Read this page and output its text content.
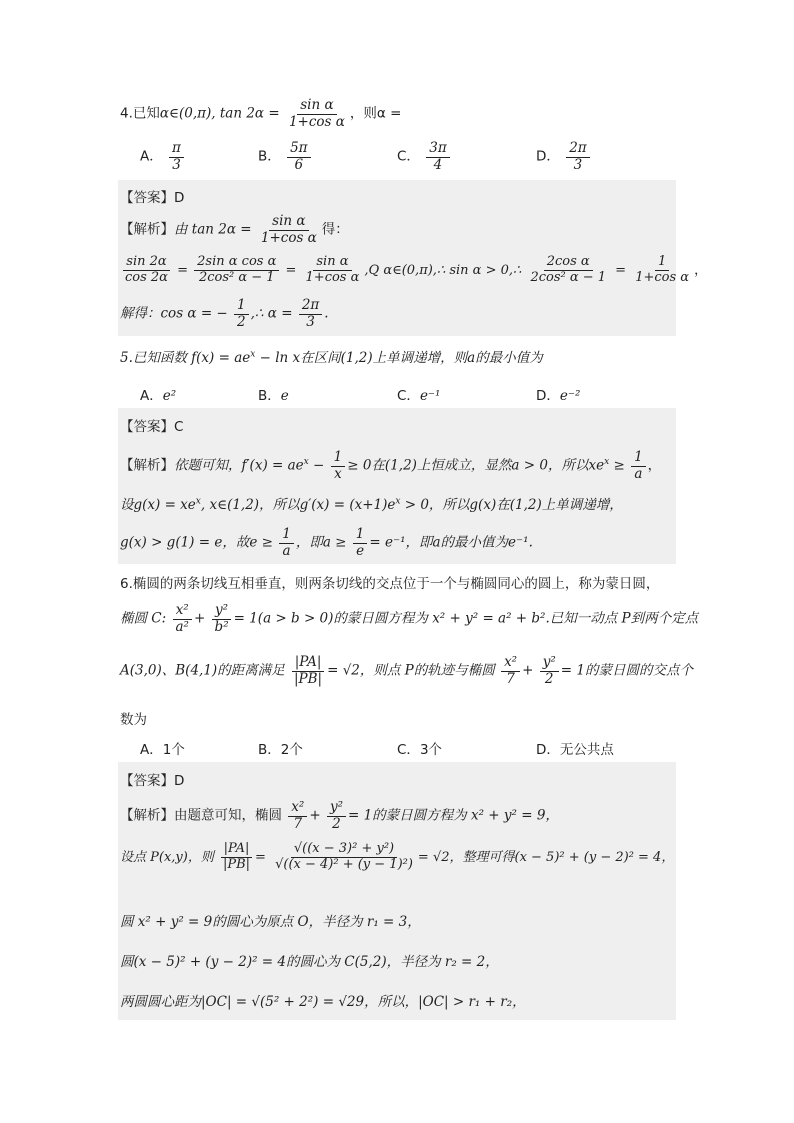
4.已知α∈(0,π), $\tan 2\alpha = \frac{\text{sin α}}{\text{1+cos α}}$ ，则α =
A． $\frac{\pi}{3}$	B． $\frac{5\pi}{6}$	C． $\frac{3\pi}{4}$	D． $\frac{2\pi}{3}$
【答案】D
【解析】由 $\tan 2\alpha = \frac{\text{sin α}}{\text{1+cos α}}$ 得：
$\frac{\sin 2\alpha}{\cos 2\alpha} = \frac{\text{2sin α cos α}}{\text{2cos² α − 1}} = \frac{\text{sin α}}{\text{1+cos α}} ,Q$ α∈(0,π),∴ sin α > 0,∴ $\frac{\text{2cos α}}{\text{2cos² α − 1}} = \frac{1}{\text{1+cos α}}$ ，
解得：cos α = − $\frac{1}{2}$ ,∴ $\alpha = \frac{2\pi}{3}$ .
5.已知函数 $f(x) = ae^x - \ln x$在区间(1,2)上单调递增，则a的最小值为
A．e²	B．e	C．e⁻¹	D．e⁻²
【答案】C
【解析】依题可知，$f'(x) = ae^x - \frac{1}{x} \ge 0$在(1,2)上恒成立，显然a > 0，所以$xe^x \ge \frac{1}{a}$ ，
设$g(x) = xe^x$, x∈(1,2)，所以$g'(x) = (x+1)e^x > 0$，所以g(x)在(1,2)上单调递增，
g(x) > g(1) = e，故$e \ge \frac{1}{a}$ ，即$a \ge \frac{1}{e} = e^{-1}$，即a的最小值为e⁻¹.
6.椭圆的两条切线互相垂直，则两条切线的交点位于一个与椭圆同心的圆上，称为蒙日圆，
椭圆 C: $\frac{\text{x²}}{\text{a²}} + \frac{\text{y²}}{\text{b²}} = 1(a > b > 0)$的蒙日圆方程为 x² + y² = a² + b².已知一动点 P到两个定点
A(3,0)、B(4,1)的距离满足 $\frac{|PA|}{|PB|} = √2$，则点 P的轨迹与椭圆 $\frac{\text{x²}}{7} + \frac{\text{y²}}{2} = 1$的蒙日圆的交点个
数为
A．1个	B．2个	C．3个	D．无公共点
【答案】D
【解析】由题意可知，椭圆 $\frac{\text{x²}}{7} + \frac{\text{y²}}{2} = 1$的蒙日圆方程为 x² + y² = 9，
设点 P(x,y)，则 $\frac{|PA|}{|PB|} = \frac{\text{√((x − 3)² + y²)}}{\text{√((x − 4)² + (y − 1)²)}} = √2$，整理可得(x − 5)² + (y − 2)² = 4，
圆 x² + y² = 9的圆心为原点 O，半径为 r₁ = 3，
圆(x − 5)² + (y − 2)² = 4的圆心为 C(5,2)，半径为 r₂ = 2，
两圆圆心距为|OC| = √(5² + 2²) = √29，所以，|OC| > r₁ + r₂，
